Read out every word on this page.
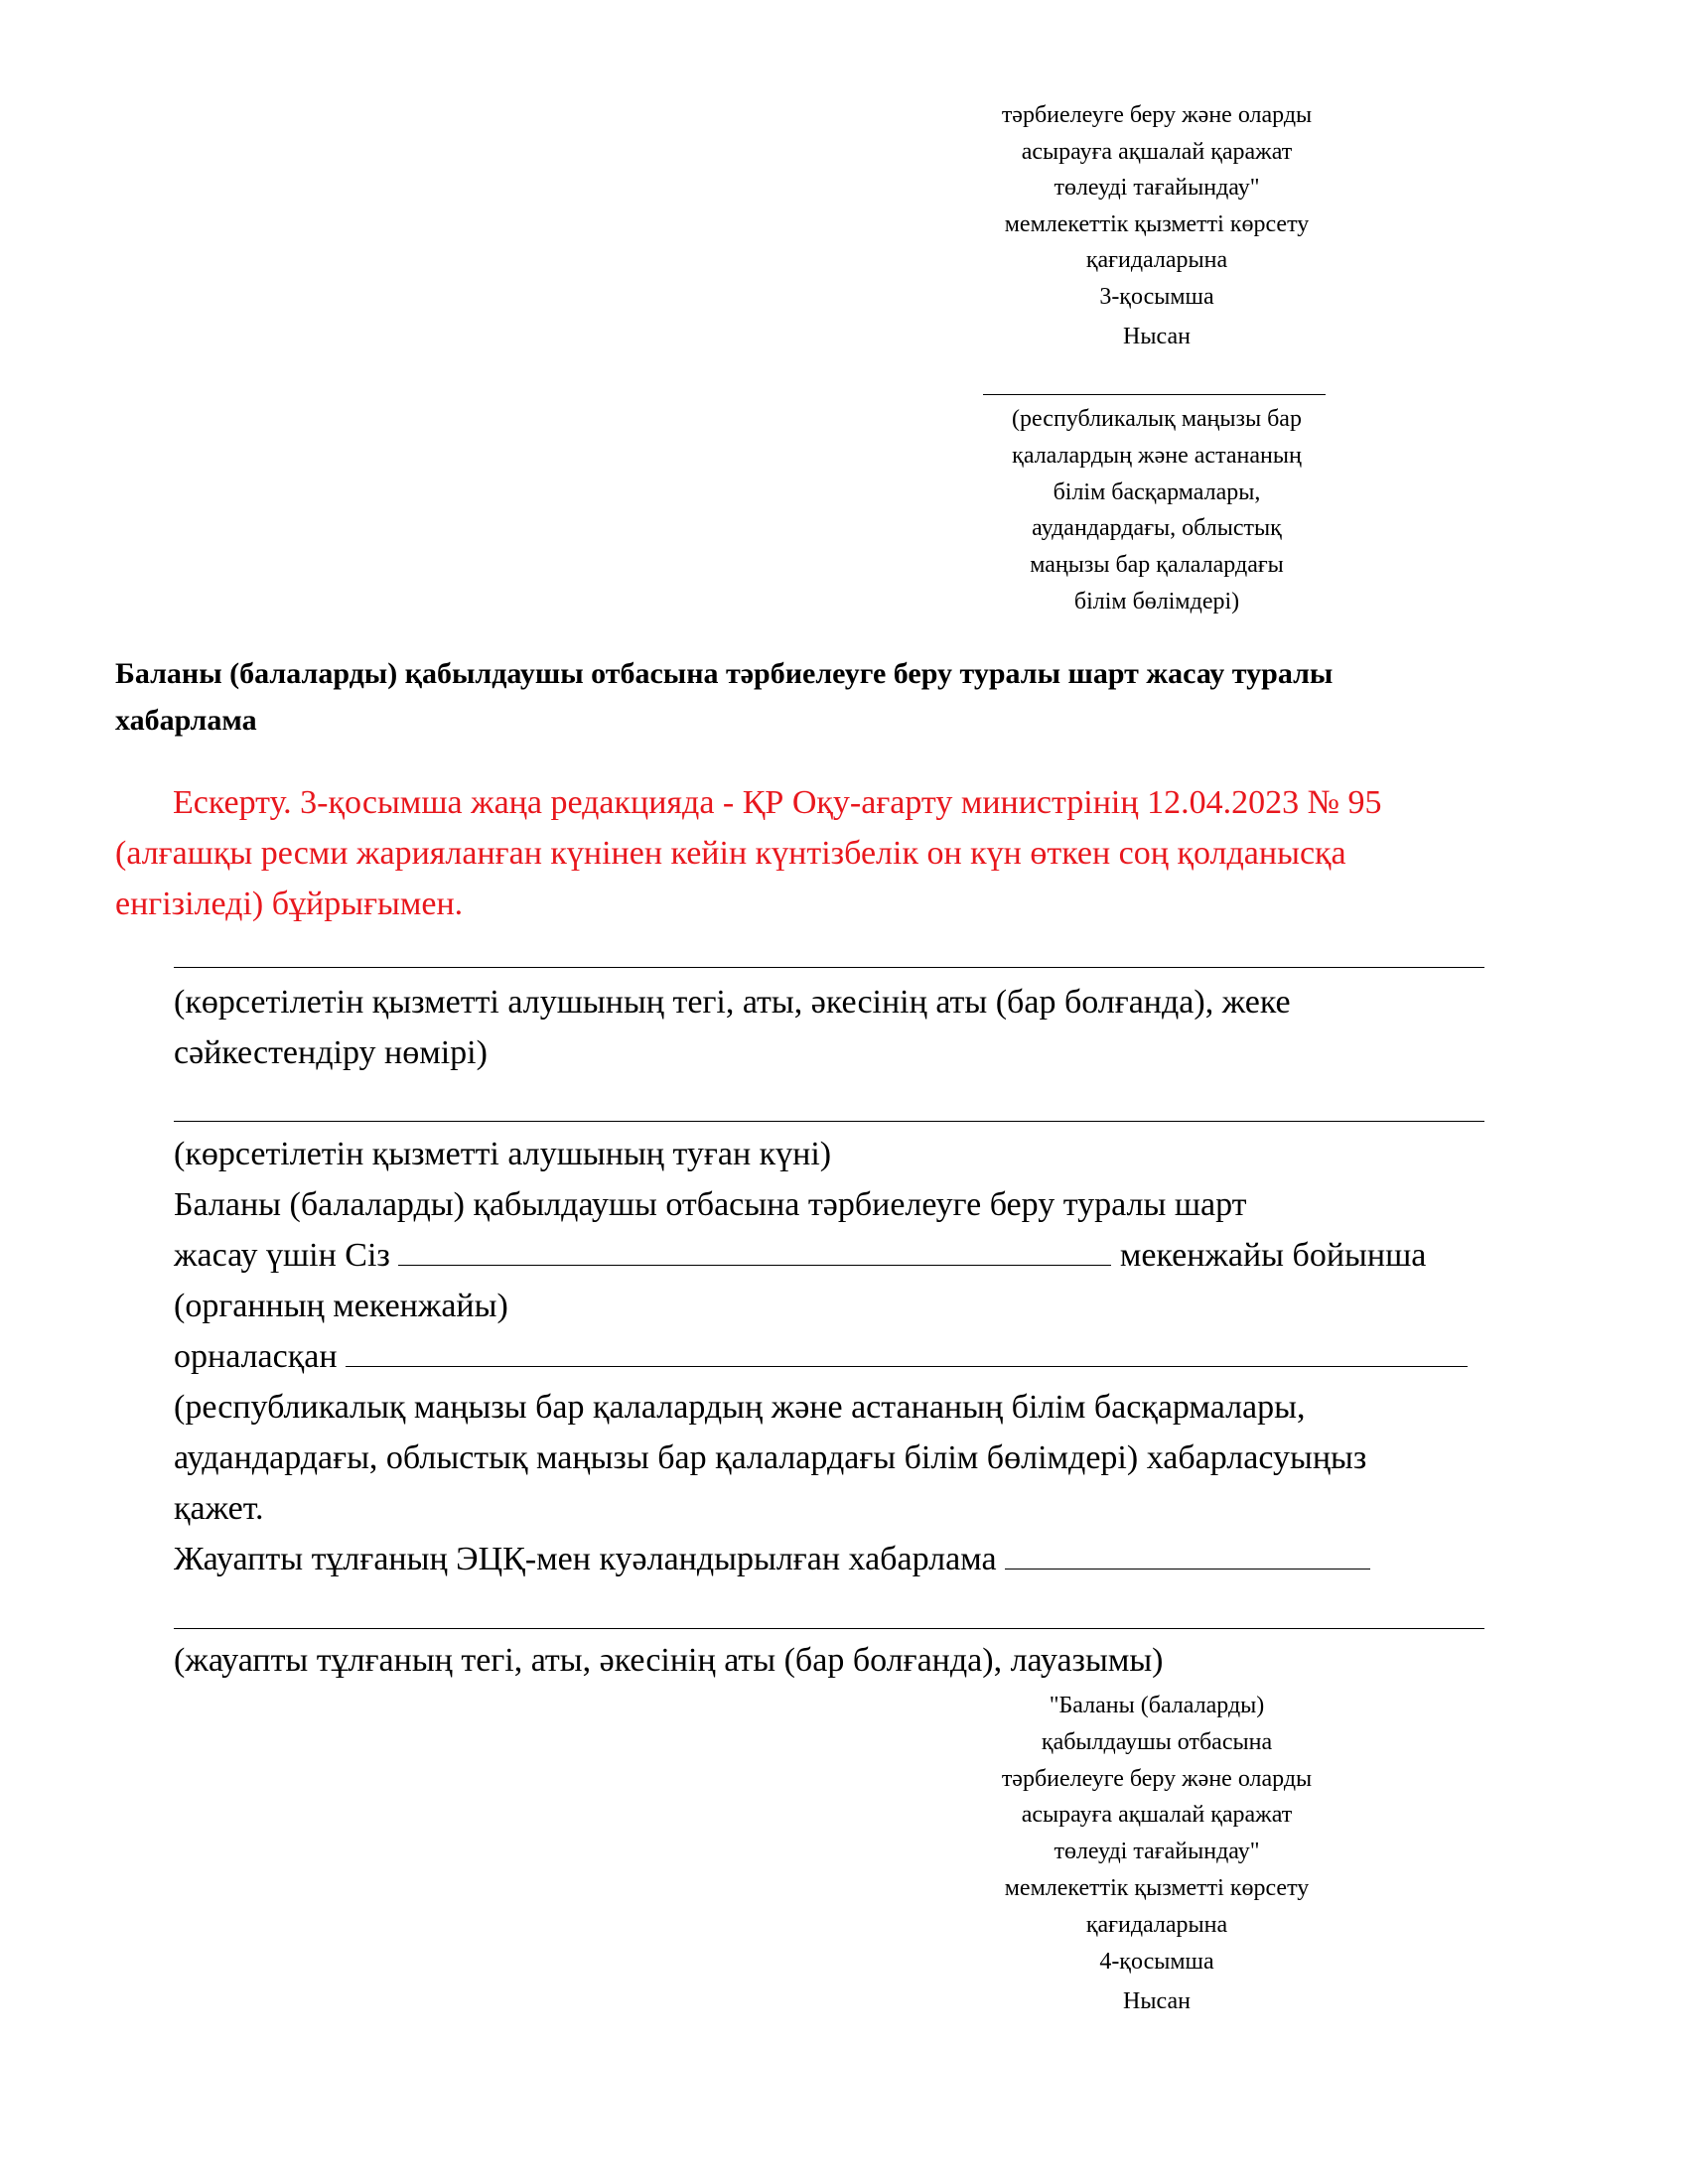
тәрбиелеуге беру және оларды
асырауға ақшалай қаражат
төлеуді тағайындау"
мемлекеттік қызметті көрсету
қағидаларына
3-қосымша
Нысан
(республикалық маңызы бар
қалалардың және астананың
білім басқармалары,
аудандардағы, облыстық
маңызы бар қалалардағы
білім бөлімдері)
Баланы (балаларды) қабылдаушы отбасына тәрбиелеуге беру туралы шарт жасау туралы
хабарлама
Ескерту. 3-қосымша жаңа редакцияда - ҚР Оқу-ағарту министрінің 12.04.2023 № 95
(алғашқы ресми жарияланған күнінен кейін күнтізбелік он күн өткен соң қолданысқа
енгізіледі) бұйрығымен.
(көрсетілетін қызметті алушының тегі, аты, әкесінің аты (бар болғанда), жеке
сәйкестендіру нөмірі)
(көрсетілетін қызметті алушының туған күні)
Баланы (балаларды) қабылдаушы отбасына тәрбиелеуге беру туралы шарт
жасау үшін Сіз	мекенжайы бойынша
(органның мекенжайы)
орналасқан
(республикалық маңызы бар қалалардың және астананың білім басқармалары,
аудандардағы, облыстық маңызы бар қалалардағы білім бөлімдері) хабарласуыңыз
қажет.
Жауапты тұлғаның ЭЦҚ-мен куәландырылған хабарлама
(жауапты тұлғаның тегі, аты, әкесінің аты (бар болғанда), лауазымы)
"Баланы (балаларды)
қабылдаушы отбасына
тәрбиелеуге беру және оларды
асырауға ақшалай қаражат
төлеуді тағайындау"
мемлекеттік қызметті көрсету
қағидаларына
4-қосымша
Нысан
